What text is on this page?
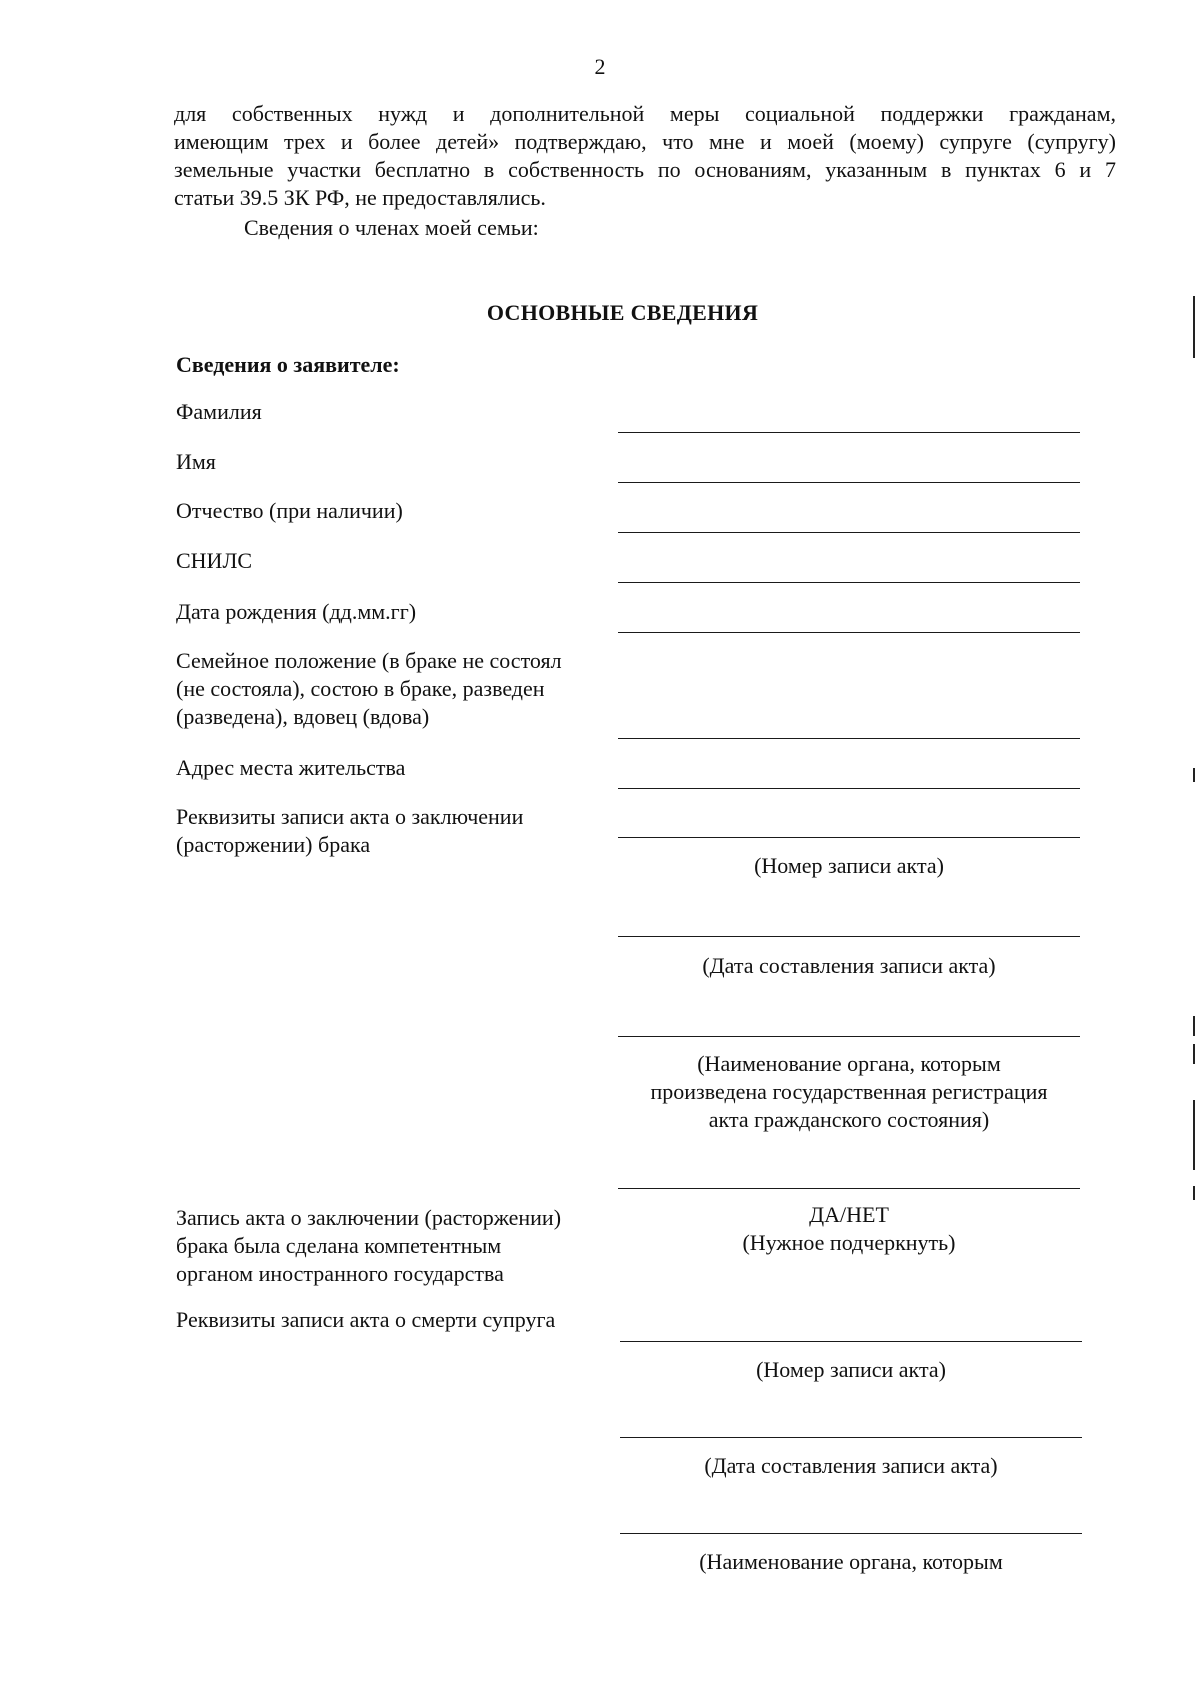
2
для собственных нужд и дополнительной меры социальной поддержки гражданам,
имеющим трех и более детей» подтверждаю, что мне и моей (моему) супруге (супругу)
земельные участки бесплатно в собственность по основаниям, указанным в пунктах 6 и 7
статьи 39.5 ЗК РФ, не предоставлялись.
Сведения о членах моей семьи:
ОСНОВНЫЕ СВЕДЕНИЯ
Сведения о заявителе:
Фамилия
Имя
Отчество (при наличии)
СНИЛС
Дата рождения (дд.мм.гг)
Семейное положение (в браке не состоял
(не состояла), состою в браке, разведен
(разведена), вдовец (вдова)
Адрес места жительства
Реквизиты записи акта о заключении
(расторжении) брака
(Номер записи акта)
(Дата составления записи акта)
(Наименование органа, которым
произведена государственная регистрация
акта гражданского состояния)
Запись акта о заключении (расторжении)
брака была сделана компетентным
органом иностранного государства
ДА/НЕТ
(Нужное подчеркнуть)
Реквизиты записи акта о смерти супруга
(Номер записи акта)
(Дата составления записи акта)
(Наименование органа, которым
